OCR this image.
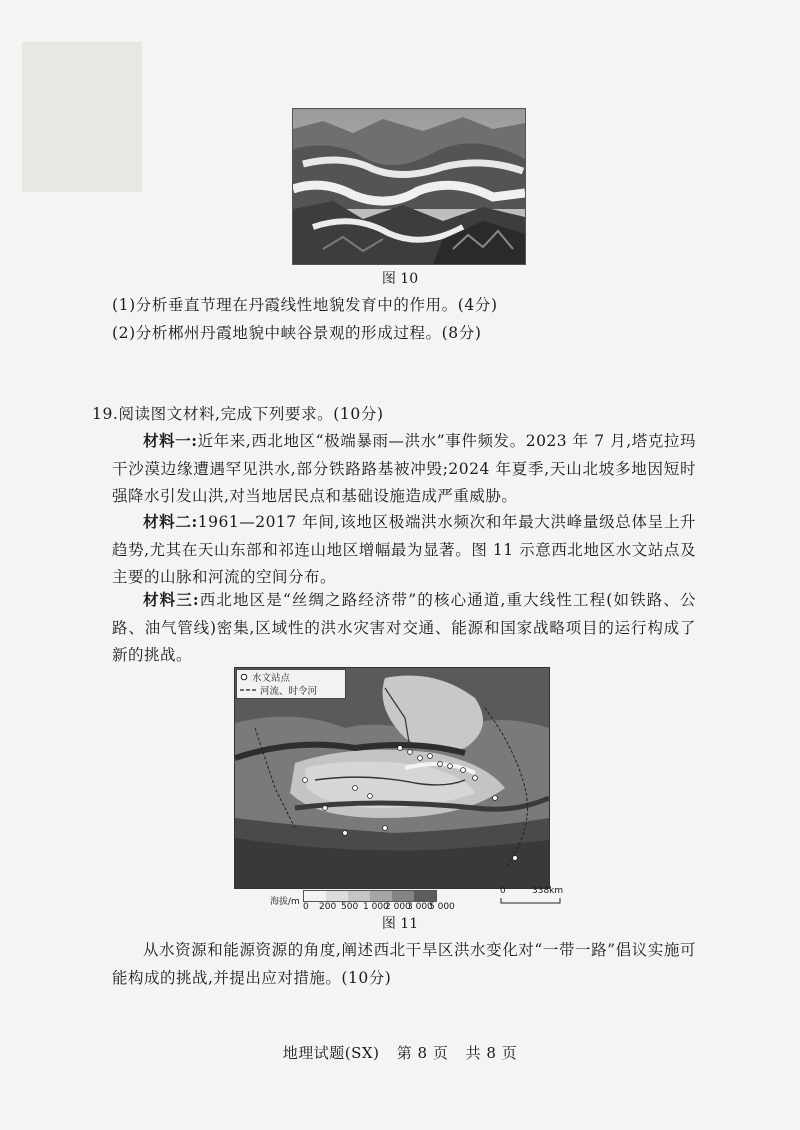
图 10
(1)分析垂直节理在丹霞线性地貌发育中的作用。(4分)
(2)分析郴州丹霞地貌中峡谷景观的形成过程。(8分)
19.阅读图文材料,完成下列要求。(10分)
材料一:近年来,西北地区“极端暴雨—洪水”事件频发。2023 年 7 月,塔克拉玛干沙漠边缘遭遇罕见洪水,部分铁路路基被冲毁;2024 年夏季,天山北坡多地因短时强降水引发山洪,对当地居民点和基础设施造成严重威胁。
材料二:1961—2017 年间,该地区极端洪水频次和年最大洪峰量级总体呈上升趋势,尤其在天山东部和祁连山地区增幅最为显著。图 11 示意西北地区水文站点及主要的山脉和河流的空间分布。
材料三:西北地区是“丝绸之路经济带”的核心通道,重大线性工程(如铁路、公路、油气管线)密集,区域性的洪水灾害对交通、能源和国家战略项目的运行构成了新的挑战。
水文站点
河流、时令河
海拔/m 0 200 500 1 000
2 000
3 000
5 000
0	338km
图 11
从水资源和能源资源的角度,阐述西北干旱区洪水变化对“一带一路”倡议实施可能构成的挑战,并提出应对措施。(10分)
地理试题(SX) 第 8 页 共 8 页
